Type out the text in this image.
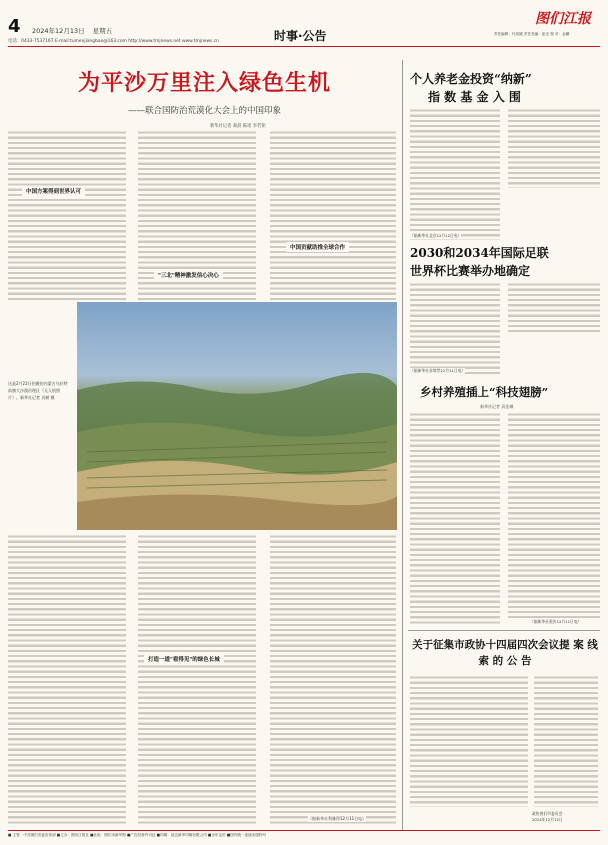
4 2024年12月13日 星期五
电话：0433-7537167 E-mail:tumenjiangbao@163.com http://www.tmjnews.net www.tmjnews.cn	时事·公告
图们江报
责任编辑：代凤媛 责任美编：崔光 校 对：金鹏
为平沙万里注入绿色生机
——联合国防治荒漠化大会上的中国印象
新华社记者 葛晨 陈瑶 李若铭
中国方案得到世界认可
"三北"精神激发信心决心
中国贡献助推全球合作
这是2月22日拍摄的内蒙古乌拉特前旗大沙漠治理区（无人机照片）。新华社记者 贝赫 摄
打造一道"看得见"的绿色长城
（据新华社利雅得12月11日电）
个人养老金投资“纳新”
指 数 基 金 入 围
（据新华社北京12月12日电）
2030和2034年国际足联
世界杯比赛举办地确定
（据新华社苏黎世12月11日电）
乡村养殖插上“科技翅膀”
新华社记者 袁佳琳
（据新华社重庆12月11日电）
关于征集市政协十四届四次会议提 案 线 索 的 公 告
政协图们市委员会
2024年12月12日
■ 主管：中共图们市委宣传部 ■主办：图们江报社 ■社址：图们市新华街 ■广告经营许可证 ■印刷：延边新华印刷有限公司 ■全年定价 ■国内统一连续出版物号
